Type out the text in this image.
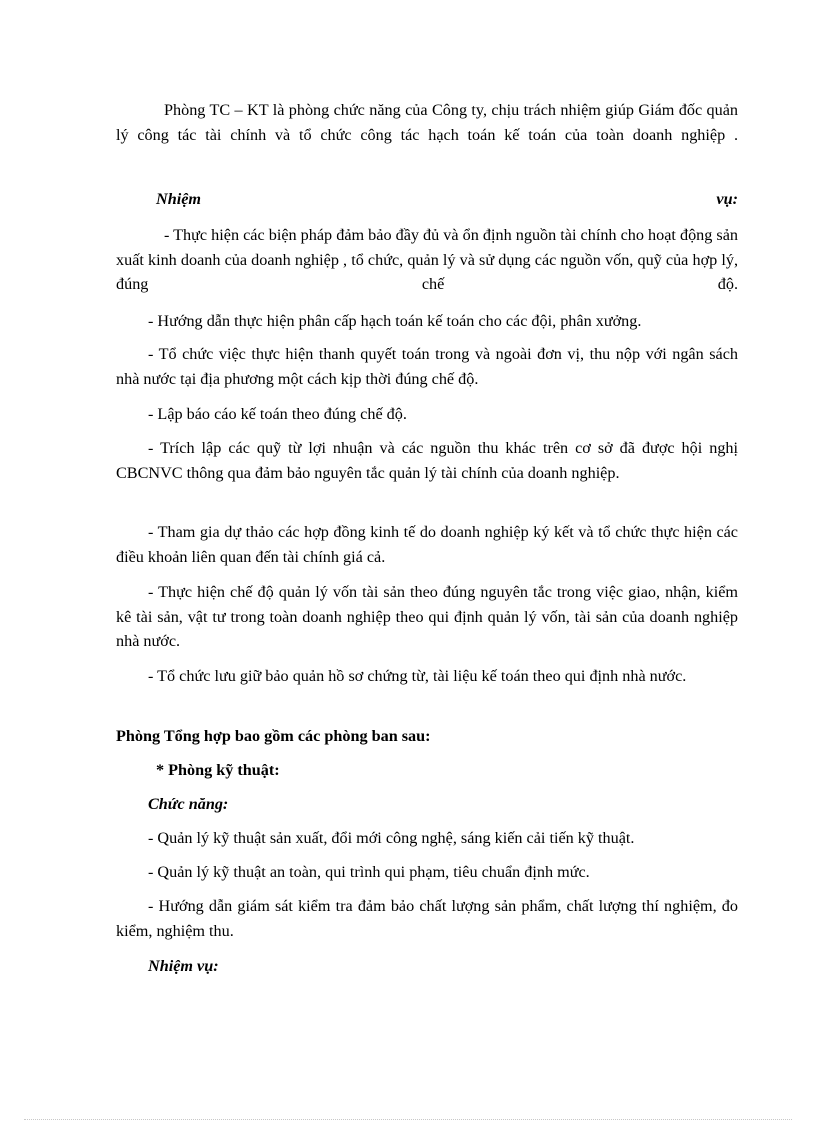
Phòng TC – KT là phòng chức năng của Công ty, chịu trách nhiệm giúp Giám đốc quản lý công tác tài chính và tổ chức công tác hạch toán kế toán của toàn doanh nghiệp .

Nhiệm	vụ:

- Thực hiện các biện pháp đảm bảo đầy đủ và ổn định nguồn tài chính cho hoạt động sản xuất kinh doanh của doanh nghiệp , tổ chức, quản lý và sử dụng các nguồn vốn, quỹ của hợp lý, đúng chế độ.

- Hướng dẫn thực hiện phân cấp hạch toán kế toán cho các đội, phân xưởng.

- Tổ chức việc thực hiện thanh quyết toán trong và ngoài đơn vị, thu nộp với ngân sách nhà nước tại địa phương một cách kịp thời đúng chế độ.

- Lập báo cáo kế toán theo đúng chế độ.

- Trích lập các quỹ từ lợi nhuận và các nguồn thu khác trên cơ sở đã được hội nghị CBCNVC thông qua đảm bảo nguyên tắc quản lý tài chính của doanh nghiệp.

- Tham gia dự thảo các hợp đồng kinh tế do doanh nghiệp ký kết và tổ chức thực hiện các điều khoản liên quan đến tài chính giá cả.

- Thực hiện chế độ quản lý vốn tài sản theo đúng nguyên tắc trong việc giao, nhận, kiểm kê tài sản, vật tư trong toàn doanh nghiệp theo qui định quản lý vốn, tài sản của doanh nghiệp nhà nước.

- Tổ chức lưu giữ bảo quản hồ sơ chứng từ, tài liệu kế toán theo qui định nhà nước.

Phòng Tổng hợp bao gồm các phòng ban sau:

* Phòng kỹ thuật:

Chức năng:

- Quản lý kỹ thuật sản xuất, đổi mới công nghệ, sáng kiến cải tiến kỹ thuật.

- Quản lý kỹ thuật an toàn, qui trình qui phạm, tiêu chuẩn định mức.

- Hướng dẫn giám sát kiểm tra đảm bảo chất lượng sản phẩm, chất lượng thí nghiệm, đo kiểm, nghiệm thu.

Nhiệm vụ:
